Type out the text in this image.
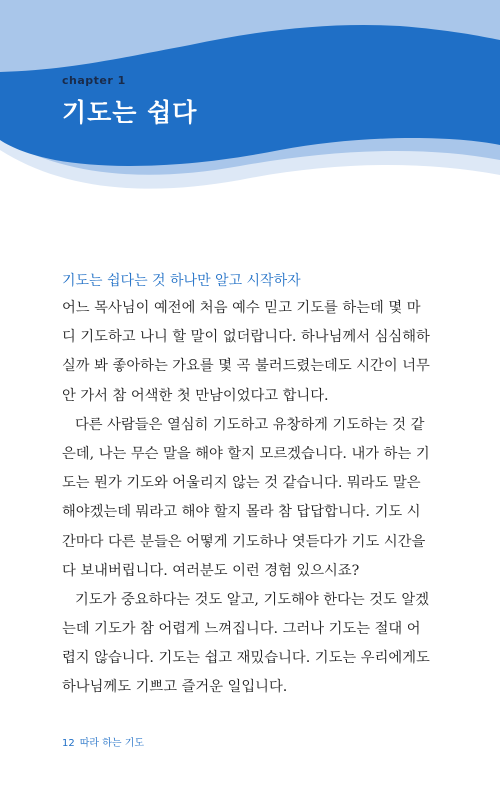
chapter 1
기도는 쉽다
기도는 쉽다는 것 하나만 알고 시작하자
어느 목사님이 예전에 처음 예수 믿고 기도를 하는데 몇 마
디 기도하고 나니 할 말이 없더랍니다. 하나님께서 심심해하
실까 봐 좋아하는 가요를 몇 곡 불러드렸는데도 시간이 너무
안 가서 참 어색한 첫 만남이었다고 합니다.
다른 사람들은 열심히 기도하고 유창하게 기도하는 것 같
은데, 나는 무슨 말을 해야 할지 모르겠습니다. 내가 하는 기
도는 뭔가 기도와 어울리지 않는 것 같습니다. 뭐라도 말은
해야겠는데 뭐라고 해야 할지 몰라 참 답답합니다. 기도 시
간마다 다른 분들은 어떻게 기도하나 엿듣다가 기도 시간을
다 보내버립니다. 여러분도 이런 경험 있으시죠?
기도가 중요하다는 것도 알고, 기도해야 한다는 것도 알겠
는데 기도가 참 어렵게 느껴집니다. 그러나 기도는 절대 어
렵지 않습니다. 기도는 쉽고 재밌습니다. 기도는 우리에게도
하나님께도 기쁘고 즐거운 일입니다.
12 따라 하는 기도
